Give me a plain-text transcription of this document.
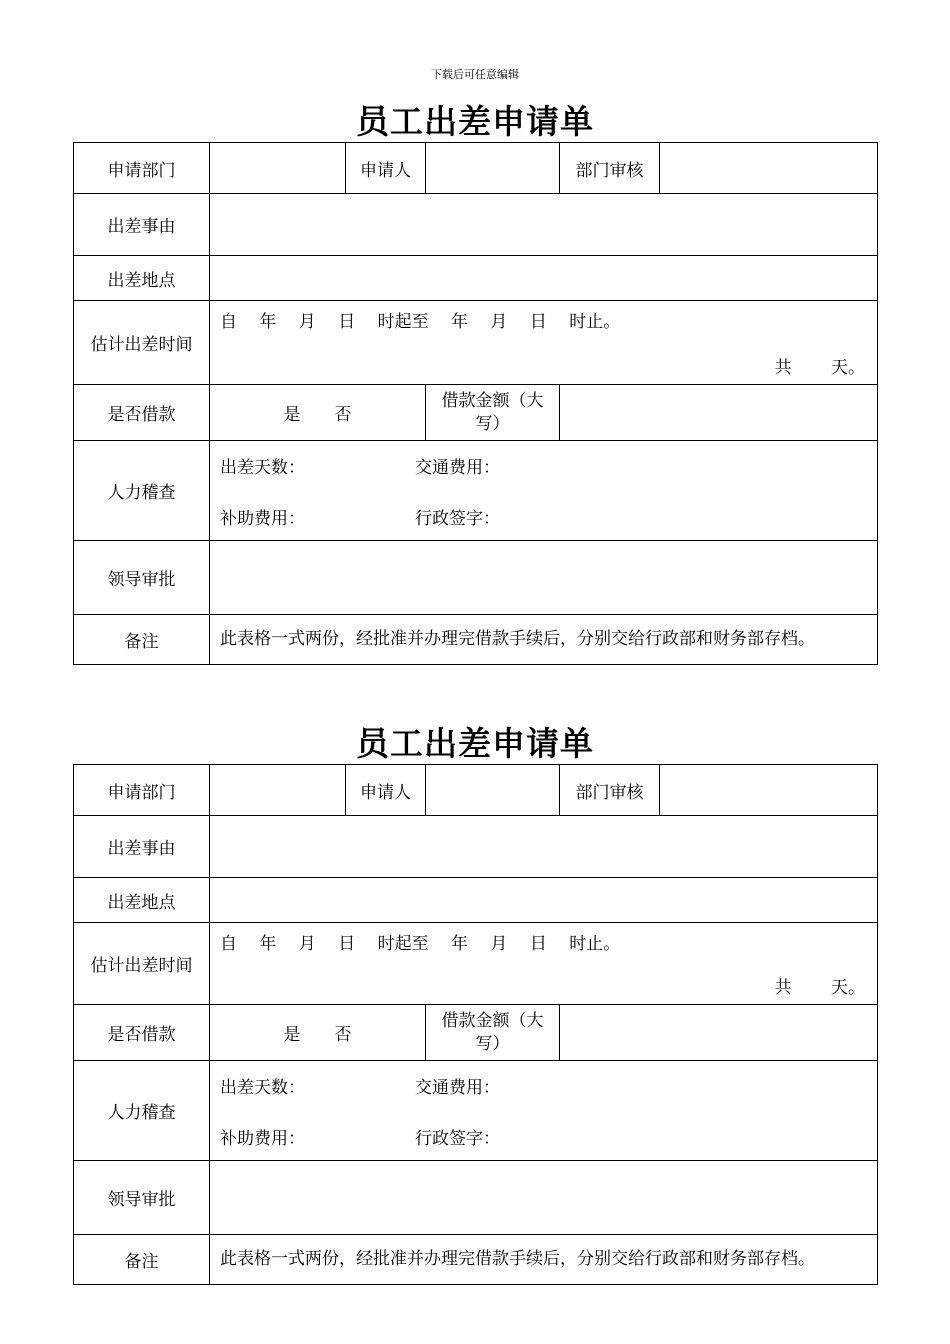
下载后可任意编辑
员工出差申请单
申请部门		申请人		部门审核	
出差事由					
出差地点					
估计出差时间	自　 年 　月 　日 　时起至 　年 　月 　日 　时止。
共 　　天。				

是否借款	是　　否		借款金额（大写）		
人力稽查	出差天数： 交通费用：
补助费用： 行政签字：				

领导审批					
备注	此表格一式两份，经批准并办理完借款手续后，分别交给行政部和财务部存档。				
员工出差申请单
申请部门		申请人		部门审核	
出差事由					
出差地点					
估计出差时间	自　 年 　月 　日 　时起至 　年 　月 　日 　时止。
共 　　天。				

是否借款	是　　否		借款金额（大写）		
人力稽查	出差天数： 交通费用：
补助费用： 行政签字：				

领导审批					
备注	此表格一式两份，经批准并办理完借款手续后，分别交给行政部和财务部存档。				
